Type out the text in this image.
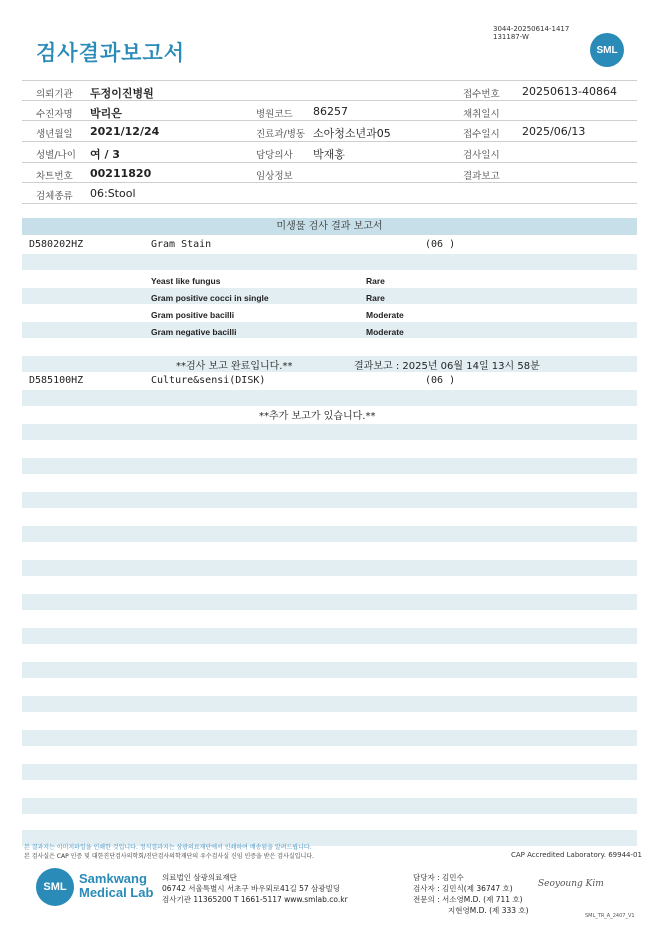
검사결과보고서
3044-20250614-1417
131187-W
SML
의뢰기관 두정이진병원	접수번호 20250613-40864
수진자명 박리은	병원코드 86257	채취일시
생년월일 2021/12/24	진료과/병동 소아청소년과05	접수일시 2025/06/13
성별/나이 여 / 3	담당의사 박재홍	검사일시
차트번호 00211820	임상정보	결과보고
검체종류 06:Stool
미생물 검사 결과 보고서
D580202HZ	Gram Stain	(06 )
Yeast like fungus	Rare
Gram positive cocci in single	Rare
Gram positive bacilli	Moderate
Gram negative bacilli	Moderate
**검사 보고 완료입니다.**	결과보고 : 2025년 06월 14일 13시 58분
D585100HZ	Culture&sensi(DISK)	(06 )
**추가 보고가 있습니다.**
본 결과지는 이미지파일을 인쇄한 것입니다. 정식결과지는 삼광의료재단에서 인쇄하여 배송됨을 알려드립니다.
본 검사실은 CAP 인증 및 대한진단검사의학회/진단검사의학재단의 우수검사실 신임 인증을 받은 검사실입니다.	CAP Accredited Laboratory. 69944-01
SML
Samkwang
Medical Lab
의료법인 삼광의료재단
06742 서울특별시 서초구 바우뫼로41길 57 삼광빌딩
검사기관 11365200 T 1661-5117 www.smlab.co.kr
담당자 : 김민수
검사자 : 김민식(제 36747 호)
전문의 : 서소영M.D. (제 711 호)
지현영M.D. (제 333 호)
Seoyoung Kim
SML_TR_A_2407_V1
